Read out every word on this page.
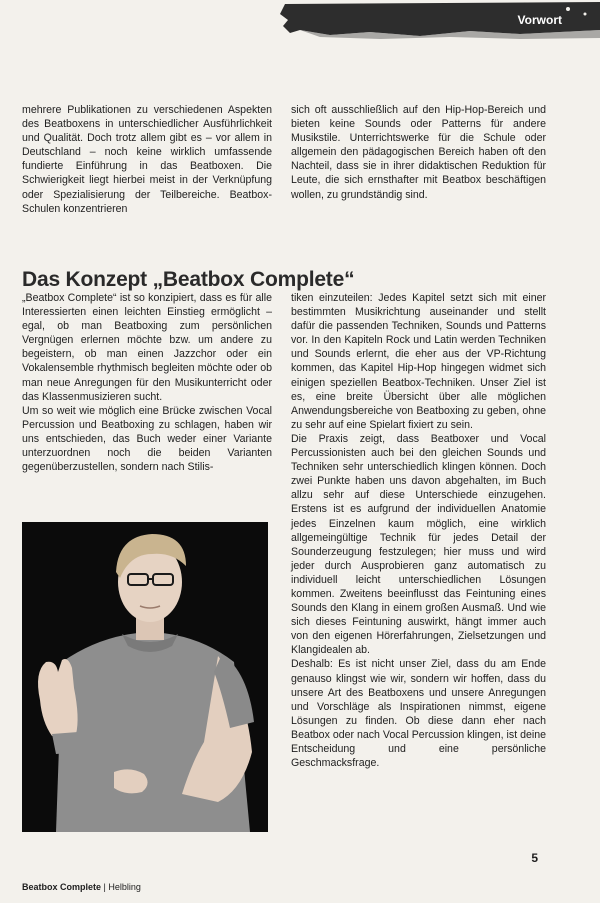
Vorwort

mehrere Publikationen zu verschiedenen Aspekten des Beatboxens in unterschiedlicher Ausführlichkeit und Qualität. Doch trotz allem gibt es – vor allem in Deutschland – noch keine wirklich umfassende fundierte Einführung in das Beatboxen. Die Schwierigkeit liegt hierbei meist in der Verknüpfung oder Spezialisierung der Teilbereiche. Beatbox-Schulen konzentrieren

sich oft ausschließlich auf den Hip-Hop-Bereich und bieten keine Sounds oder Patterns für andere Musikstile. Unterrichtswerke für die Schule oder allgemein den pädagogischen Bereich haben oft den Nachteil, dass sie in ihrer didaktischen Reduktion für Leute, die sich ernsthafter mit Beatbox beschäftigen wollen, zu grundständig sind.

Das Konzept „Beatbox Complete“

„Beatbox Complete“ ist so konzipiert, dass es für alle Interessierten einen leichten Einstieg ermöglicht – egal, ob man Beatboxing zum persönlichen Vergnügen erlernen möchte bzw. um andere zu begeistern, ob man einen Jazzchor oder ein Vokalensemble rhythmisch begleiten möchte oder ob man neue Anregungen für den Musikunterricht oder das Klassenmusizieren sucht.

Um so weit wie möglich eine Brücke zwischen Vocal Percussion und Beatboxing zu schlagen, haben wir uns entschieden, das Buch weder einer Variante unterzuordnen noch die beiden Varianten gegenüberzustellen, sondern nach Stilis-

tiken einzuteilen: Jedes Kapitel setzt sich mit einer bestimmten Musikrichtung auseinander und stellt dafür die passenden Techniken, Sounds und Patterns vor. In den Kapiteln Rock und Latin werden Techniken und Sounds erlernt, die eher aus der VP-Richtung kommen, das Kapitel Hip-Hop hingegen widmet sich einigen speziellen Beatbox-Techniken. Unser Ziel ist es, eine breite Übersicht über alle möglichen Anwendungsbereiche von Beatboxing zu geben, ohne zu sehr auf eine Spielart fixiert zu sein.

Die Praxis zeigt, dass Beatboxer und Vocal Percussionisten auch bei den gleichen Sounds und Techniken sehr unterschiedlich klingen können. Doch zwei Punkte haben uns davon abgehalten, im Buch allzu sehr auf diese Unterschiede einzugehen. Erstens ist es aufgrund der individuellen Anatomie jedes Einzelnen kaum möglich, eine wirklich allgemeingültige Technik für jedes Detail der Sounderzeugung festzulegen; hier muss und wird jeder durch Ausprobieren ganz automatisch zu individuell leicht unterschiedlichen Lösungen kommen. Zweitens beeinflusst das Feintuning eines Sounds den Klang in einem großen Ausmaß. Und wie sich dieses Feintuning auswirkt, hängt immer auch von den eigenen Hörerfahrungen, Zielsetzungen und Klangidealen ab.

Deshalb: Es ist nicht unser Ziel, dass du am Ende genauso klingst wie wir, sondern wir hoffen, dass du unsere Art des Beatboxens und unsere Anregungen und Vorschläge als Inspirationen nimmst, eigene Lösungen zu finden. Ob diese dann eher nach Beatbox oder nach Vocal Percussion klingen, ist deine Entscheidung und eine persönliche Geschmacksfrage.

5
Beatbox Complete | Helbling
